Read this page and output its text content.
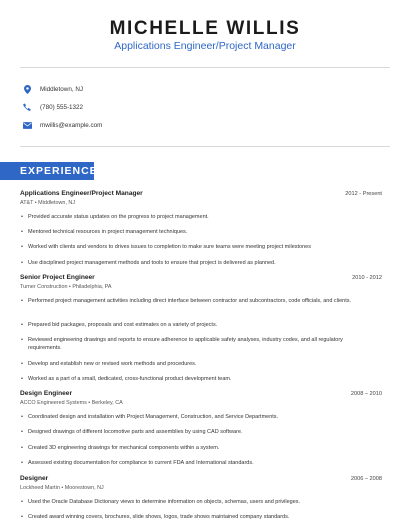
MICHELLE WILLIS
Applications Engineer/Project Manager
Middletown, NJ
(780) 555-1322
mwillis@example.com
EXPERIENCE
Applications Engineer/Project Manager	2012 - Present
AT&T • Middletown, NJ
• Provided accurate status updates on the progress to project management.
• Mentored technical resources in project management techniques.
• Worked with clients and vendors to drives issues to completion to make sure teams were meeting project milestones
• Use disciplined project management methods and tools to ensure that project is delivered as planned.
Senior Project Engineer	2010 - 2012
Turner Construction • Philadelphia, PA
• Performed project management activities including direct interface between contractor and subcontractors, code officials, and clients.
• Prepared bid packages, proposals and cost estimates on a variety of projects.
• Reviewed engineering drawings and reports to ensure adherence to applicable safety analyses, industry codes, and all regulatory requirements.
• Develop and establish new or revised work methods and procedures.
• Worked as a part of a small, dedicated, cross-functional product development team.
Design Engineer	2008 – 2010
ACCO Engineered Systems • Berkeley, CA
• Coordinated design and installation with Project Management, Construction, and Service Departments.
• Designed drawings of different locomotive parts and assemblies by using CAD software.
• Created 3D engineering drawings for mechanical components within a system.
• Assessed existing documentation for compliance to current FDA and International standards.
Designer	2006 – 2008
Lockheed Martin • Moorestown, NJ
• Used the Oracle Database Dictionary views to determine information on objects, schemas, users and privileges.
• Created award winning covers, brochures, slide shows, logos, trade shows maintained company standards.
